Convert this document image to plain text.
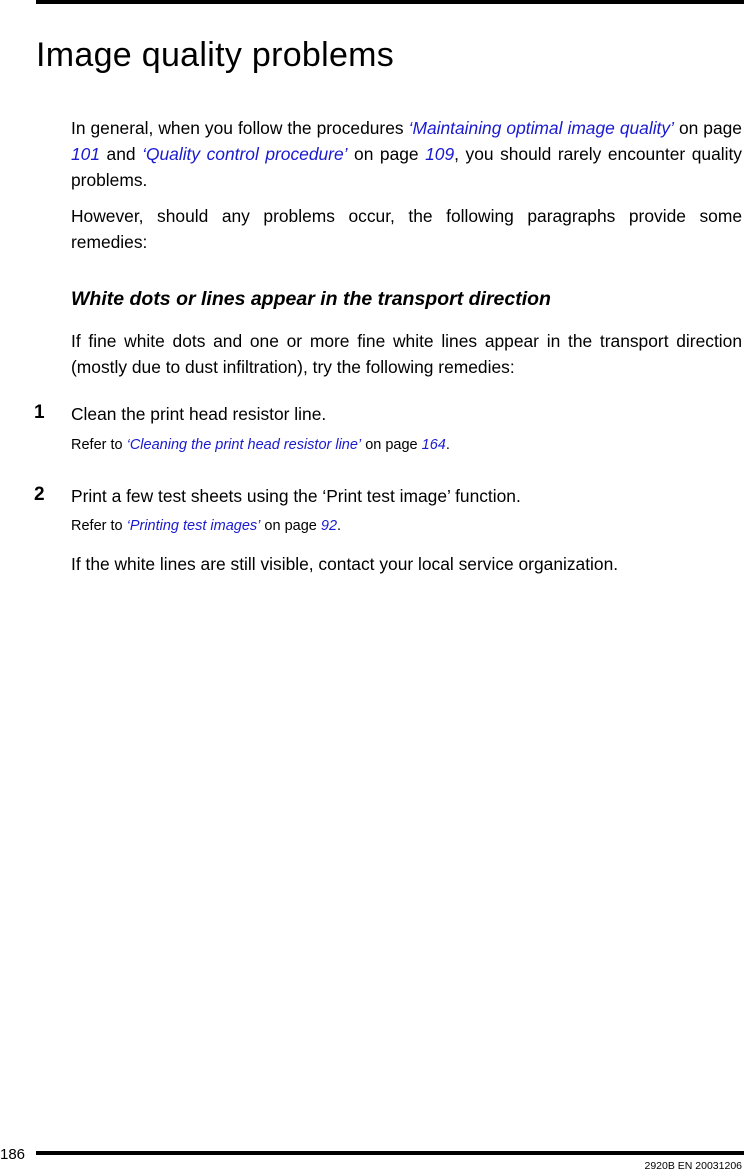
Image quality problems

In general, when you follow the procedures ‘Maintaining optimal image quality’ on page 101 and ‘Quality control procedure’ on page 109, you should rarely encounter quality problems.

However, should any problems occur, the following paragraphs provide some remedies:

White dots or lines appear in the transport direction

If fine white dots and one or more fine white lines appear in the transport direction (mostly due to dust infiltration), try the following remedies:

1 Clean the print head resistor line.

Refer to ‘Cleaning the print head resistor line’ on page 164.

2 Print a few test sheets using the ‘Print test image’ function.

Refer to ‘Printing test images’ on page 92.

If the white lines are still visible, contact your local service organization.

186
2920B EN 20031206
